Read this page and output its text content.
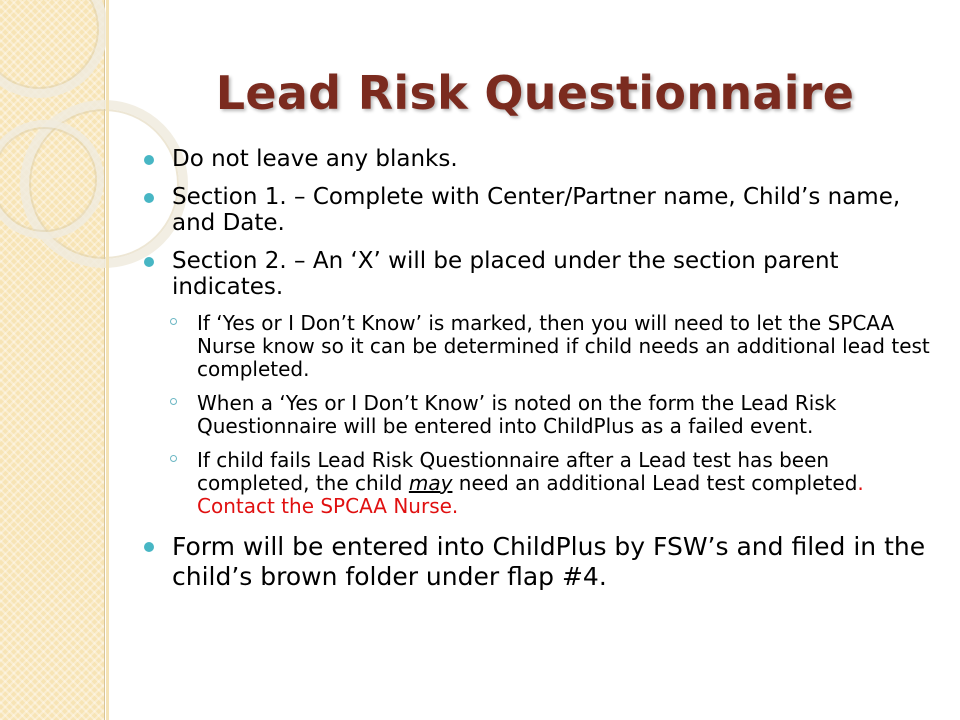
Lead Risk Questionnaire
Do not leave any blanks.
Section 1. – Complete with Center/Partner name, Child’s name, and Date.
Section 2. – An ‘X’ will be placed under the section parent indicates.
If ‘Yes or I Don’t Know’ is marked, then you will need to let the SPCAA Nurse know so it can be determined if child needs an additional lead test completed.
When a ‘Yes or I Don’t Know’ is noted on the form the Lead Risk Questionnaire will be entered into ChildPlus as a failed event.
If child fails Lead Risk Questionnaire after a Lead test has been completed, the child may need an additional Lead test completed.  Contact the SPCAA Nurse.
Form will be entered into ChildPlus by FSW’s and filed in the child’s brown folder under flap #4.
